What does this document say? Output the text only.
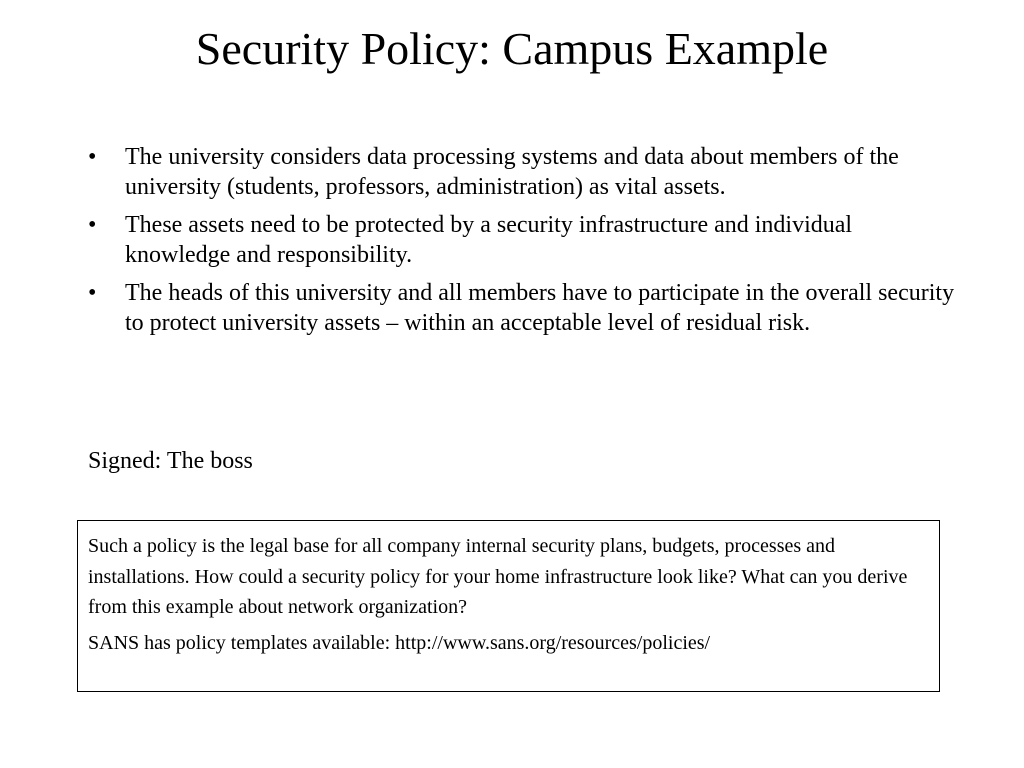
Security Policy: Campus Example
•	The university considers data processing systems and data about members of the university (students, professors, administration) as vital assets.
•	These assets need to be protected by a security infrastructure and individual knowledge and responsibility.
•	The heads of this university and all members have to participate in the overall security to protect university assets – within an acceptable level of residual risk.

Signed: The boss

Such a policy is the legal base for all company internal security plans, budgets, processes and installations. How could a security policy for your home infrastructure look like? What can you derive from this example about network organization?

SANS has policy templates available: http://www.sans.org/resources/policies/
